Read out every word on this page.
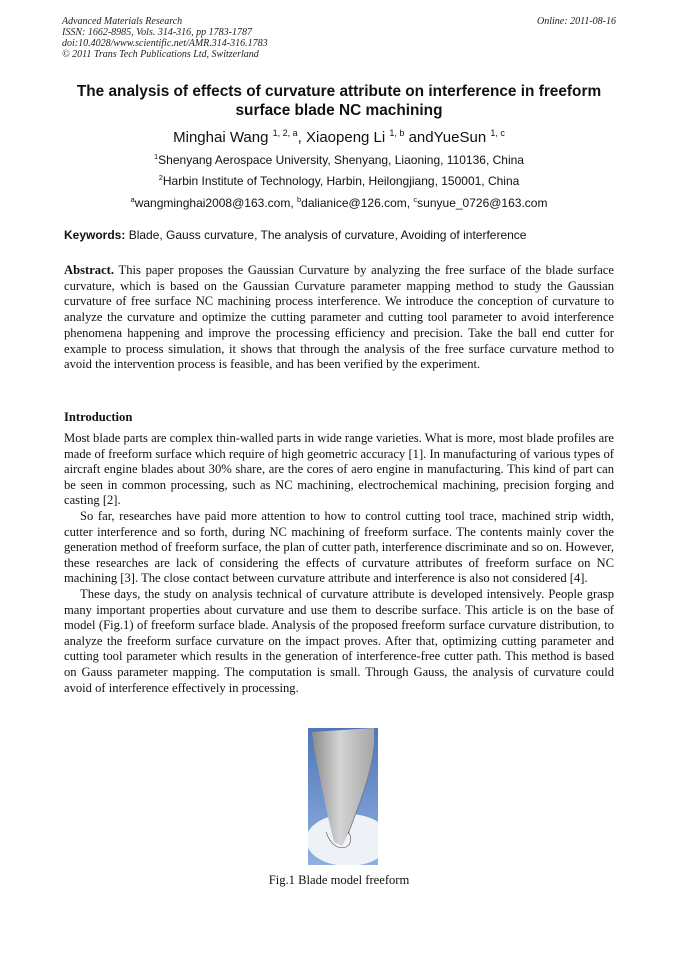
Advanced Materials Research
ISSN: 1662-8985, Vols. 314-316, pp 1783-1787
doi:10.4028/www.scientific.net/AMR.314-316.1783
© 2011 Trans Tech Publications Ltd, Switzerland
Online: 2011-08-16
The analysis of effects of curvature attribute on interference in freeform surface blade NC machining
Minghai Wang $^{1, 2, a}$, Xiaopeng Li $^{1, b}$ andYueSun $^{1, c}$
$^1$Shenyang Aerospace University, Shenyang, Liaoning, 110136, China
$^2$Harbin Institute of Technology, Harbin, Heilongjiang, 150001, China
$^a$wangminghai2008@163.com, $^b$dalianice@126.com, $^c$sunyue_0726@163.com
Keywords: Blade, Gauss curvature, The analysis of curvature, Avoiding of interference
Abstract. This paper proposes the Gaussian Curvature by analyzing the free surface of the blade surface curvature, which is based on the Gaussian Curvature parameter mapping method to study the Gaussian curvature of free surface NC machining process interference. We introduce the conception of curvature to analyze the curvature and optimize the cutting parameter and cutting tool parameter to avoid interference phenomena happening and improve the processing efficiency and precision. Take the ball end cutter for example to process simulation, it shows that through the analysis of the free surface curvature method to avoid the intervention process is feasible, and has been verified by the experiment.
Introduction

Most blade parts are complex thin-walled parts in wide range varieties. What is more, most blade profiles are made of freeform surface which require of high geometric accuracy [1]. In manufacturing of various types of aircraft engine blades about 30% share, are the cores of aero engine in manufacturing. This kind of part can be seen in common processing, such as NC machining, electrochemical machining, precision forging and casting [2].

So far, researches have paid more attention to how to control cutting tool trace, machined strip width, cutter interference and so forth, during NC machining of freeform surface. The contents mainly cover the generation method of freeform surface, the plan of cutter path, interference discriminate and so on. However, these researches are lack of considering the effects of curvature attributes of freeform surface on NC machining [3]. The close contact between curvature attribute and interference is also not considered [4].

These days, the study on analysis technical of curvature attribute is developed intensively. People grasp many important properties about curvature and use them to describe surface. This article is on the base of model (Fig.1) of freeform surface blade. Analysis of the proposed freeform surface curvature distribution, to analyze the freeform surface curvature on the impact proves. After that, optimizing cutting parameter and cutting tool parameter which results in the generation of interference-free cutter path. This method is based on Gauss parameter mapping. The computation is small. Through Gauss, the analysis of curvature could avoid of interference effectively in processing.

Fig.1 Blade model freeform
